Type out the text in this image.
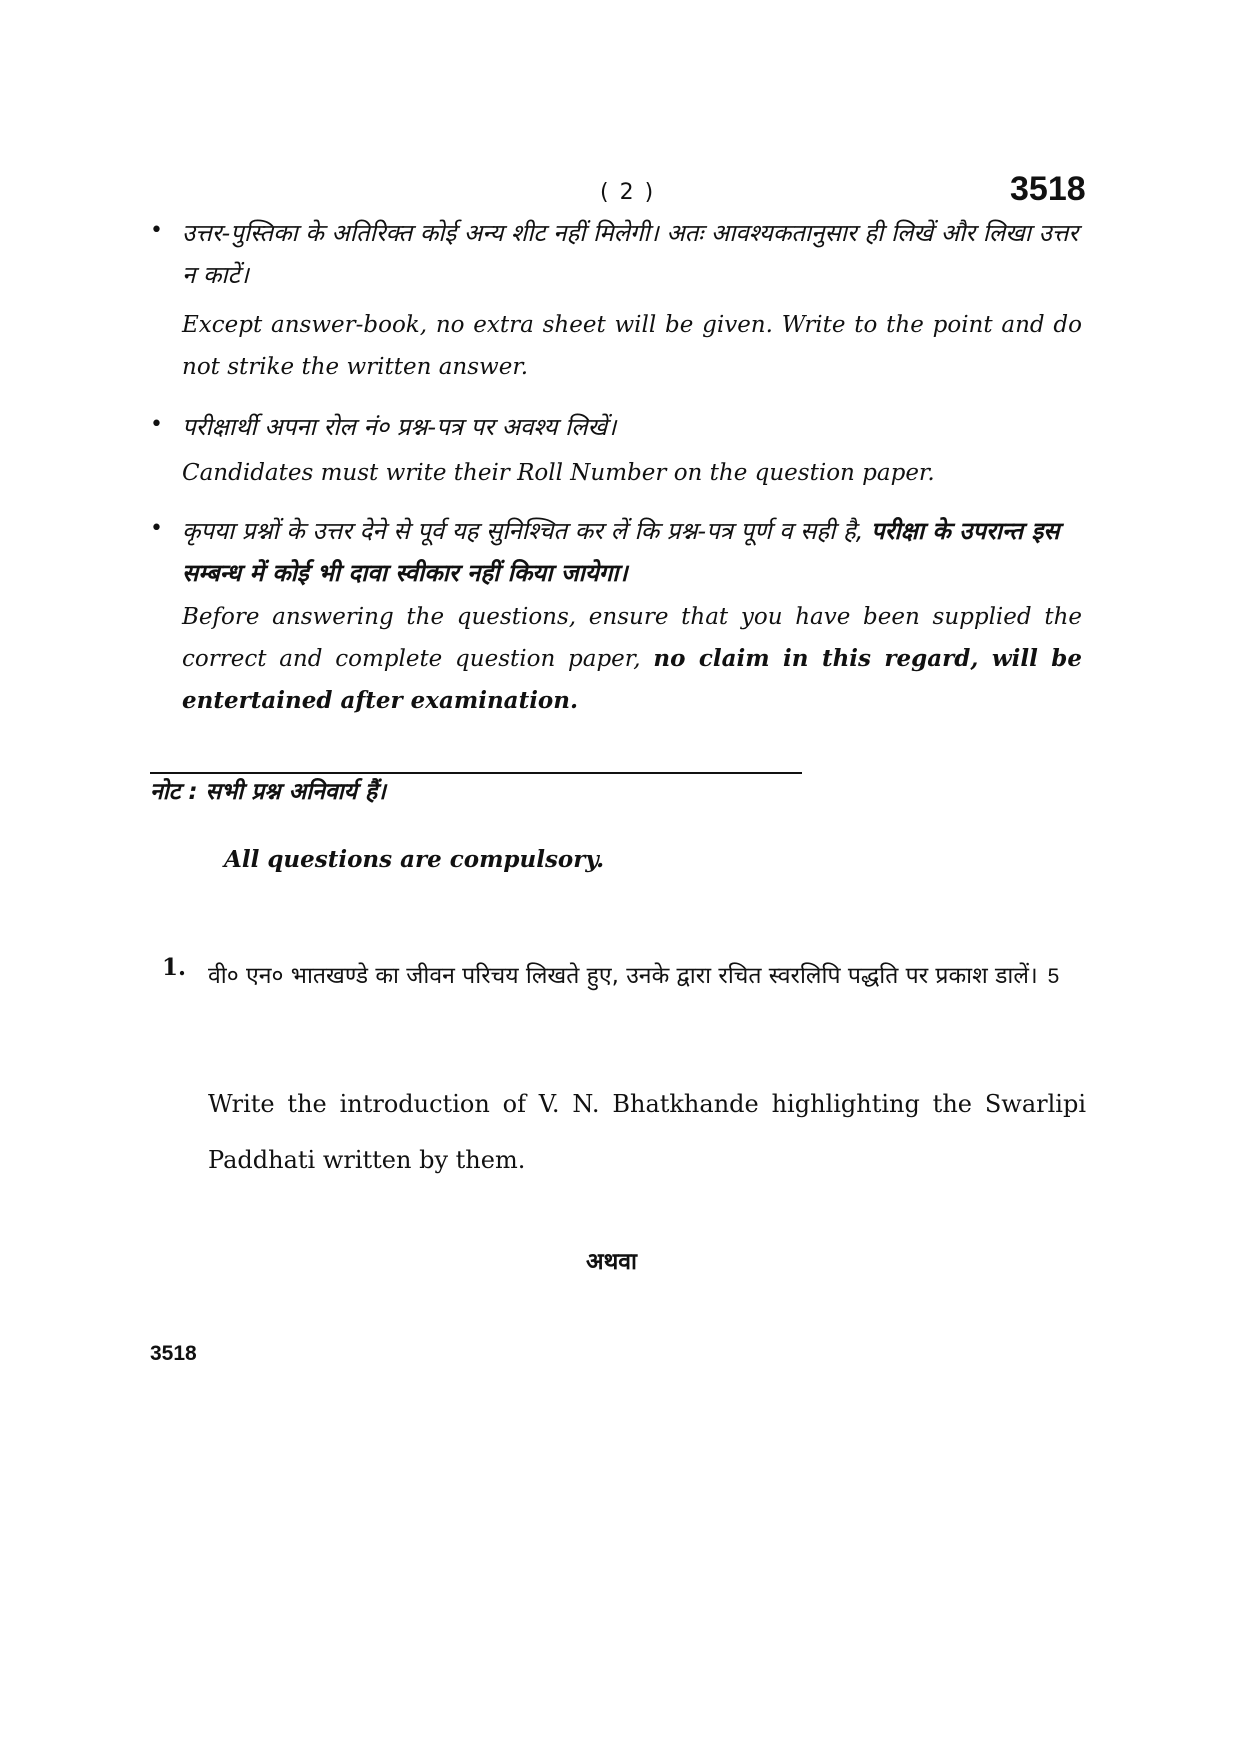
( 2 )	3518
• उत्तर-पुस्तिका के अतिरिक्त कोई अन्य शीट नहीं मिलेगी। अतः आवश्यकतानुसार ही लिखें और लिखा उत्तर न काटें।
Except answer-book, no extra sheet will be given. Write to the point and do not strike the written answer.
• परीक्षार्थी अपना रोल नं० प्रश्न-पत्र पर अवश्य लिखें।
Candidates must write their Roll Number on the question paper.
• कृपया प्रश्नों के उत्तर देने से पूर्व यह सुनिश्चित कर लें कि प्रश्न-पत्र पूर्ण व सही है, परीक्षा के उपरान्त इस सम्बन्ध में कोई भी दावा स्वीकार नहीं किया जायेगा।
Before answering the questions, ensure that you have been supplied the correct and complete question paper, no claim in this regard, will be entertained after examination.
नोट : सभी प्रश्न अनिवार्य हैं।
All questions are compulsory.
1. वी० एन० भातखण्डे का जीवन परिचय लिखते हुए, उनके द्वारा रचित स्वरलिपि पद्धति पर प्रकाश डालें। 5
Write the introduction of V. N. Bhatkhande highlighting the Swarlipi Paddhati written by them.
अथवा
3518
